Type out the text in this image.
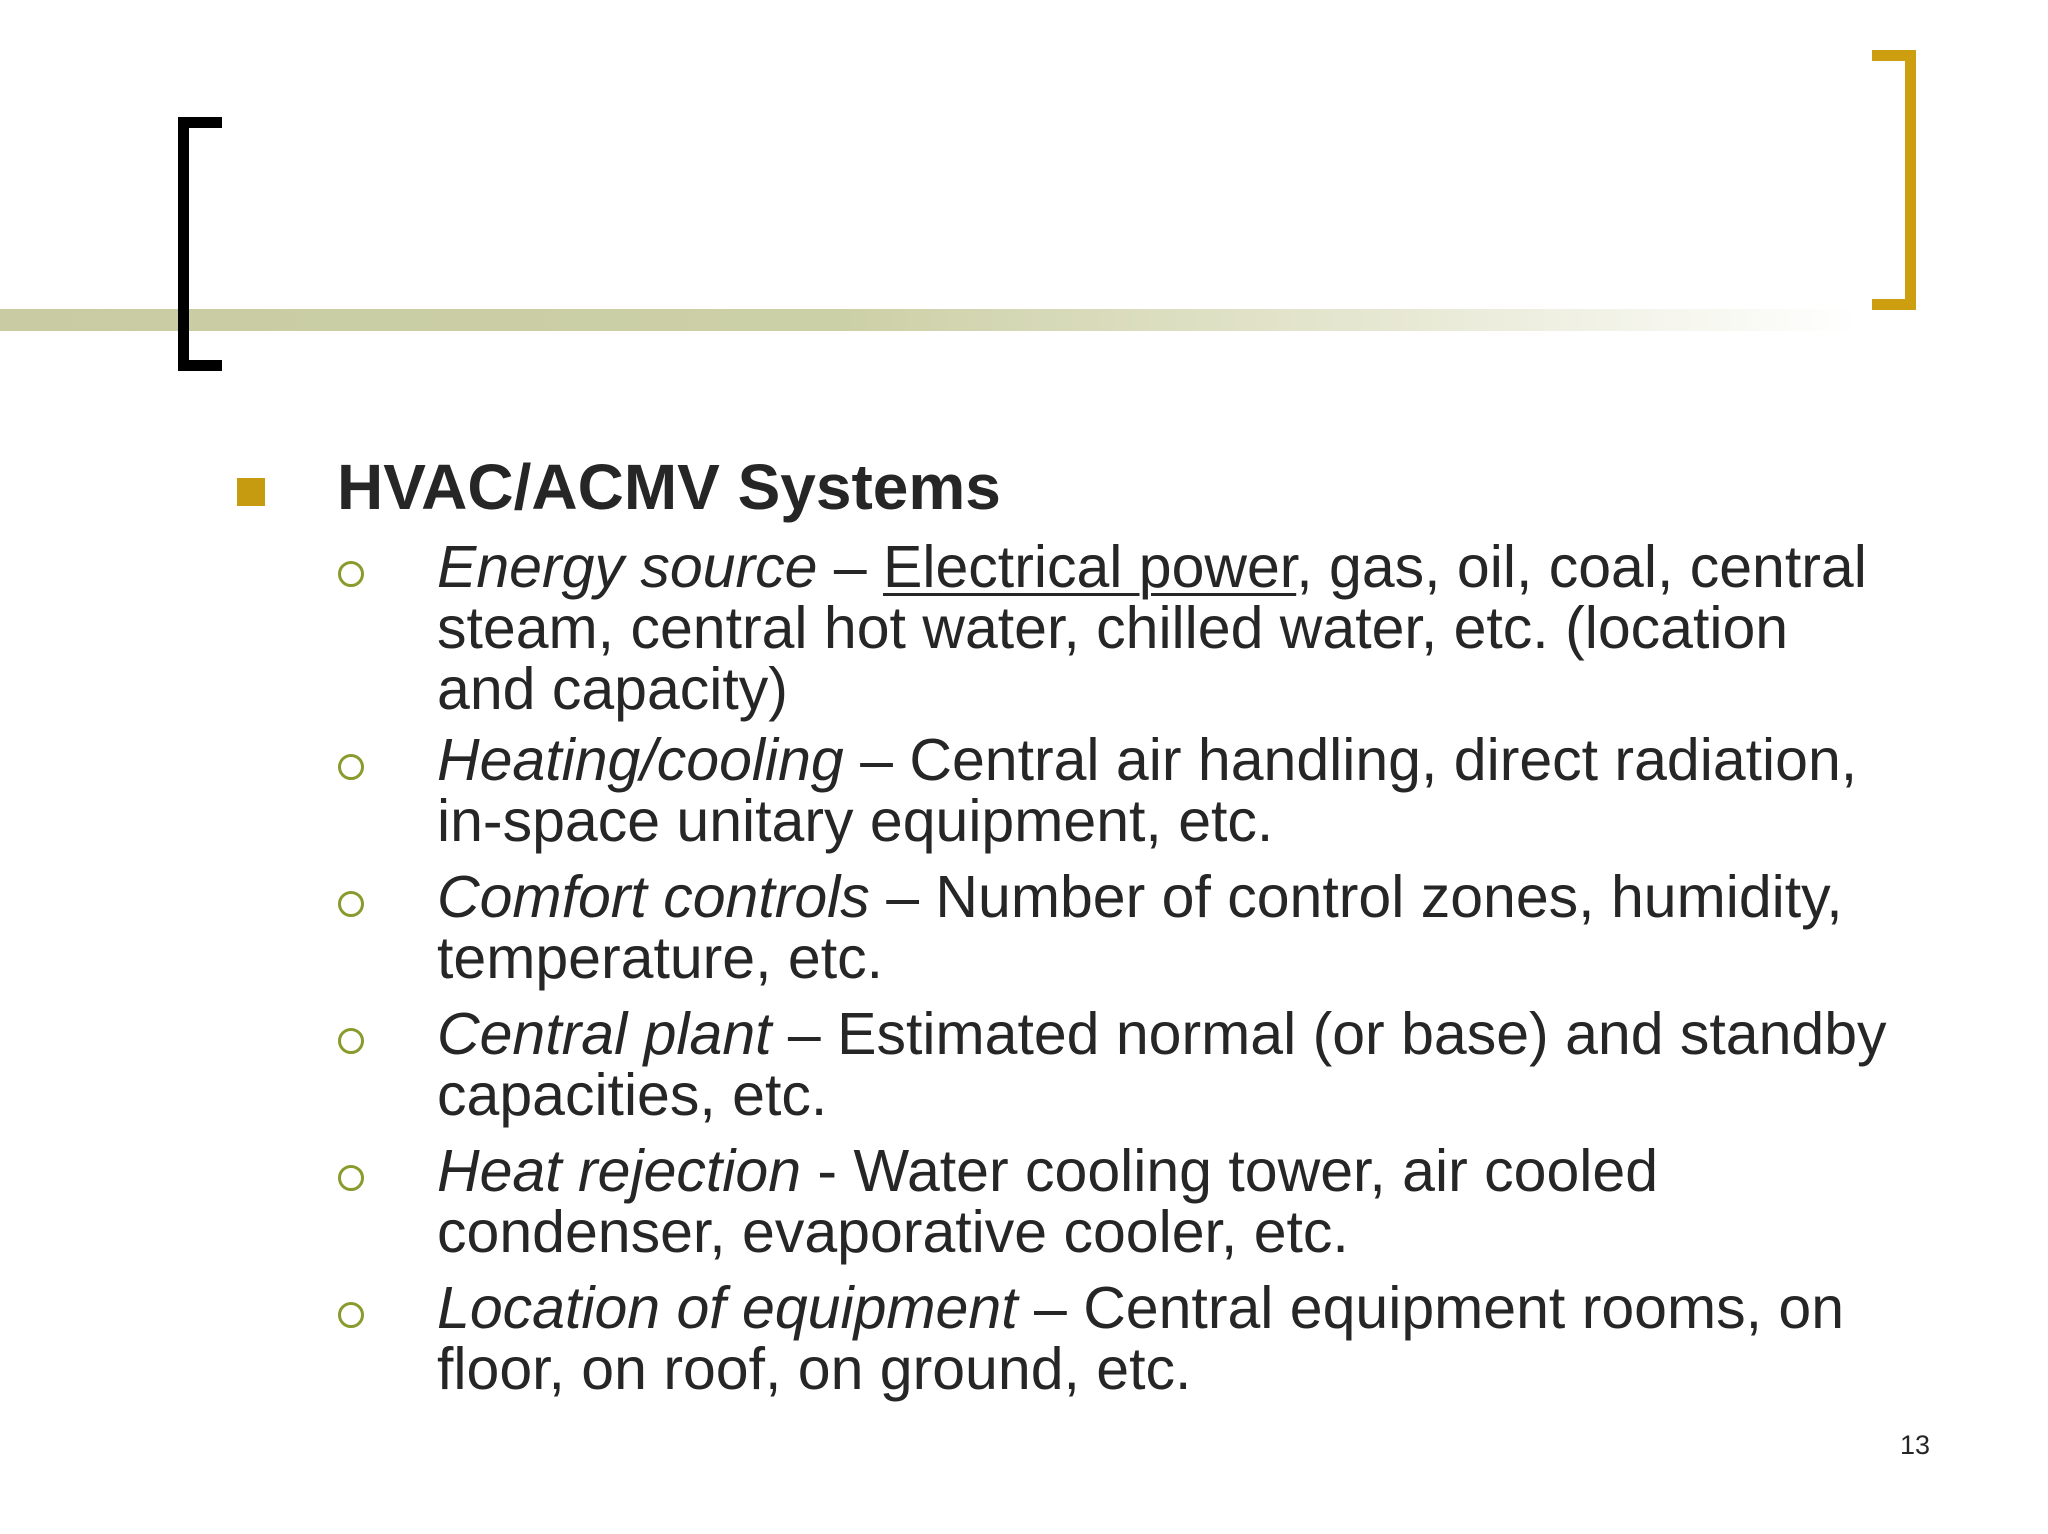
HVAC/ACMV Systems
Energy source – Electrical power, gas, oil, coal, central steam, central hot water, chilled water, etc. (location and capacity)
Heating/cooling – Central air handling, direct radiation, in-space unitary equipment, etc.
Comfort controls – Number of control zones, humidity, temperature, etc.
Central plant – Estimated normal (or base) and standby capacities, etc.
Heat rejection - Water cooling tower, air cooled condenser, evaporative cooler, etc.
Location of equipment – Central equipment rooms, on floor, on roof, on ground, etc.
13
